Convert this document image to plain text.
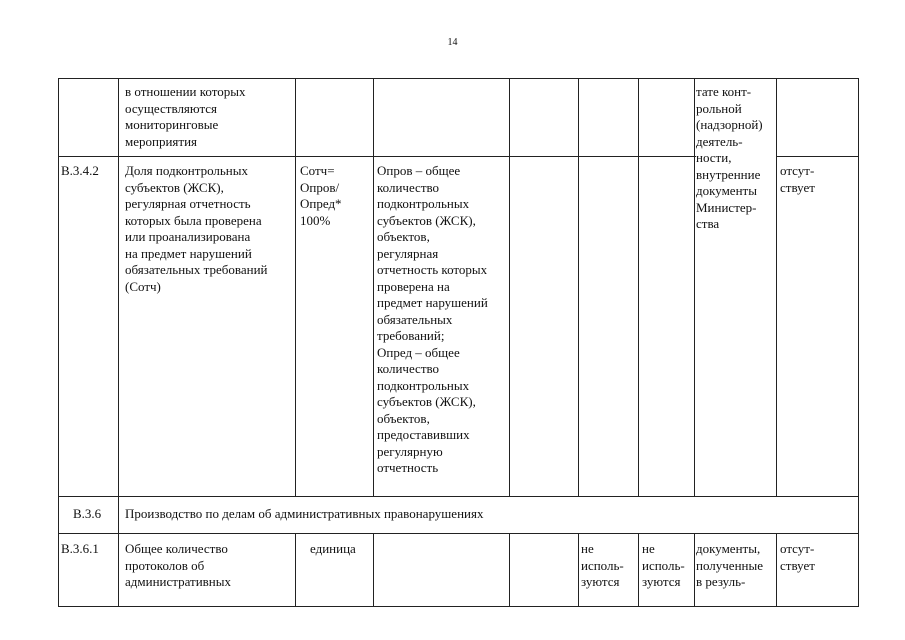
14
в отношении которых
осуществляются
мониторинговые
мероприятия
тате конт-
рольной
(надзорной)
деятель-
ности,
внутренние
документы
Министер-
ства
В.3.4.2 Доля подконтрольных
субъектов (ЖСК),
регулярная отчетность
которых была проверена
или проанализирована
на предмет нарушений
обязательных требований
(Сотч)
Сотч=
Опров/
Опред*
100%
Опров – общее
количество
подконтрольных
субъектов (ЖСК),
объектов,
регулярная
отчетность которых
проверена на
предмет нарушений
обязательных
требований;
Опред – общее
количество
подконтрольных
субъектов (ЖСК),
объектов,
предоставивших
регулярную
отчетность
отсут-
ствует
В.3.6 Производство по делам об административных правонарушениях
В.3.6.1 Общее количество
протоколов об
административных
единица	не
исполь-
зуются
не
исполь-
зуются
документы,
полученные
в резуль-
отсут-
ствует
